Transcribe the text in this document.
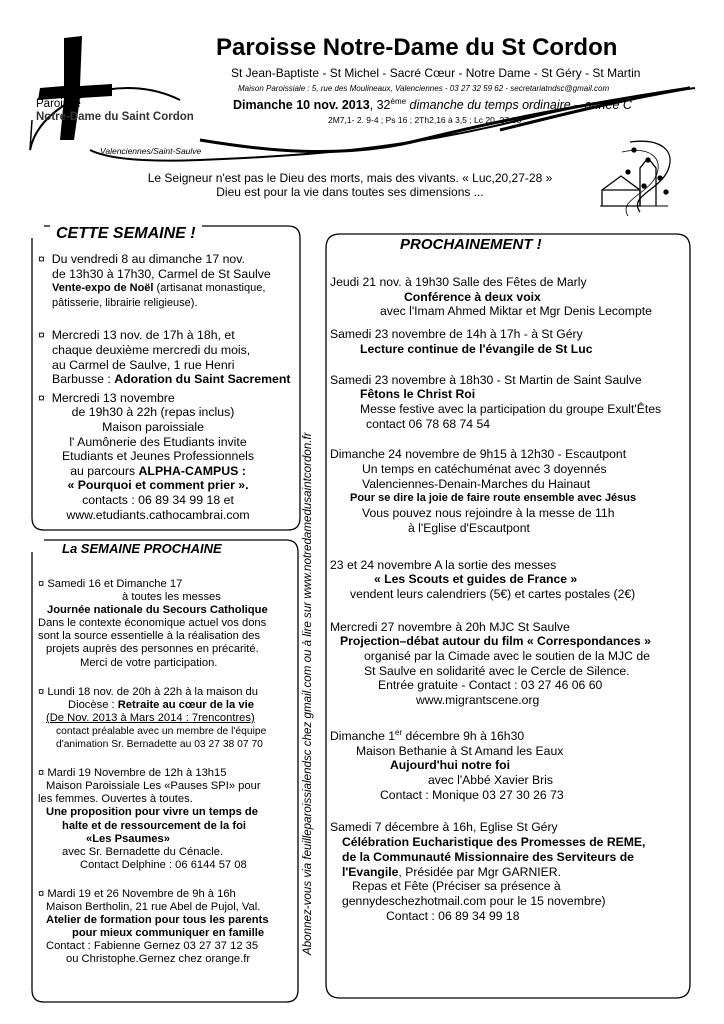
Paroisse
Notre-Dame du Saint Cordon
Valenciennes/Saint-Saulve
Paroisse Notre-Dame du St Cordon
St Jean-Baptiste - St Michel - Sacré Cœur - Notre Dame - St Géry - St Martin
Maison Paroissiale : 5, rue des Moulineaux, Valenciennes - 03 27 32 59 62 - secretariatndsc@gmail.com
Dimanche 10 nov. 2013, 32ème dimanche du temps ordinaire – année C
2M7,1- 2. 9-4 ; Ps 16 ; 2Th2,16 à 3,5 ; Lc 20, 27-38
Le Seigneur n'est pas le Dieu des morts, mais des vivants. « Luc,20,27-28 »
Dieu est pour la vie dans toutes ses dimensions ...
Abonnez-vous via feuilleparoissialendsc chez gmail.com ou à lire sur www.notredamedusaintcordon.fr
CETTE SEMAINE !
¤ Du vendredi 8 au dimanche 17 nov.
de 13h30 à 17h30, Carmel de St Saulve
Vente-expo de Noël (artisanat monastique,
pâtisserie, librairie religieuse).
¤ Mercredi 13 nov. de 17h à 18h, et
chaque deuxième mercredi du mois,
au Carmel de Saulve, 1 rue Henri
Barbusse : Adoration du Saint Sacrement
¤ Mercredi 13 novembre
de 19h30 à 22h (repas inclus)
Maison paroissiale
l' Aumônerie des Etudiants invite
Etudiants et Jeunes Professionnels
au parcours ALPHA-CAMPUS :
« Pourquoi et comment prier ».
contacts : 06 89 34 99 18 et
www.etudiants.cathocambrai.com
La SEMAINE PROCHAINE
¤ Samedi 16 et Dimanche 17
à toutes les messes
Journée nationale du Secours Catholique
Dans le contexte économique actuel vos dons
sont la source essentielle à la réalisation des
projets auprès des personnes en précarité.
Merci de votre participation.
¤ Lundi 18 nov. de 20h à 22h à la maison du
Diocèse : Retraite au cœur de la vie
(De Nov. 2013 à Mars 2014 : 7rencontres)
contact préalable avec un membre de l'équipe
d'animation Sr. Bernadette au 03 27 38 07 70
¤ Mardi 19 Novembre de 12h à 13h15
Maison Paroissiale Les «Pauses SPI» pour
les femmes. Ouvertes à toutes.
Une proposition pour vivre un temps de
halte et de ressourcement de la foi
«Les Psaumes»
avec Sr. Bernadette du Cénacle.
Contact Delphine : 06 6144 57 08
¤ Mardi 19 et 26 Novembre de 9h à 16h
Maison Bertholin, 21 rue Abel de Pujol, Val.
Atelier de formation pour tous les parents
pour mieux communiquer en famille
Contact : Fabienne Gernez 03 27 37 12 35
ou Christophe.Gernez chez orange.fr
PROCHAINEMENT !
Jeudi 21 nov. à 19h30 Salle des Fêtes de Marly
Conférence à deux voix
avec l'Imam Ahmed Miktar et Mgr Denis Lecompte
Samedi 23 novembre de 14h à 17h - à St Géry
Lecture continue de l'évangile de St Luc
Samedi 23 novembre à 18h30 - St Martin de Saint Saulve
Fêtons le Christ Roi
Messe festive avec la participation du groupe Exult'Êtes
contact 06 78 68 74 54
Dimanche 24 novembre de 9h15 à 12h30 - Escautpont
Un temps en catéchuménat avec 3 doyennés
Valenciennes-Denain-Marches du Hainaut
Pour se dire la joie de faire route ensemble avec Jésus
Vous pouvez nous rejoindre à la messe de 11h
à l'Eglise d'Escautpont
23 et 24 novembre A la sortie des messes
« Les Scouts et guides de France »
vendent leurs calendriers (5€) et cartes postales (2€)
Mercredi 27 novembre à 20h MJC St Saulve
Projection–débat autour du film « Correspondances »
organisé par la Cimade avec le soutien de la MJC de
St Saulve en solidarité avec le Cercle de Silence.
Entrée gratuite - Contact : 03 27 46 06 60
www.migrantscene.org
Dimanche 1er décembre 9h à 16h30
Maison Bethanie à St Amand les Eaux
Aujourd'hui notre foi
avec l'Abbé Xavier Bris
Contact : Monique 03 27 30 26 73
Samedi 7 décembre à 16h, Eglise St Géry
Célébration Eucharistique des Promesses de REME,
de la Communauté Missionnaire des Serviteurs de
l'Evangile, Présidée par Mgr GARNIER.
Repas et Fête (Préciser sa présence à
gennydeschezhotmail.com pour le 15 novembre)
Contact : 06 89 34 99 18
